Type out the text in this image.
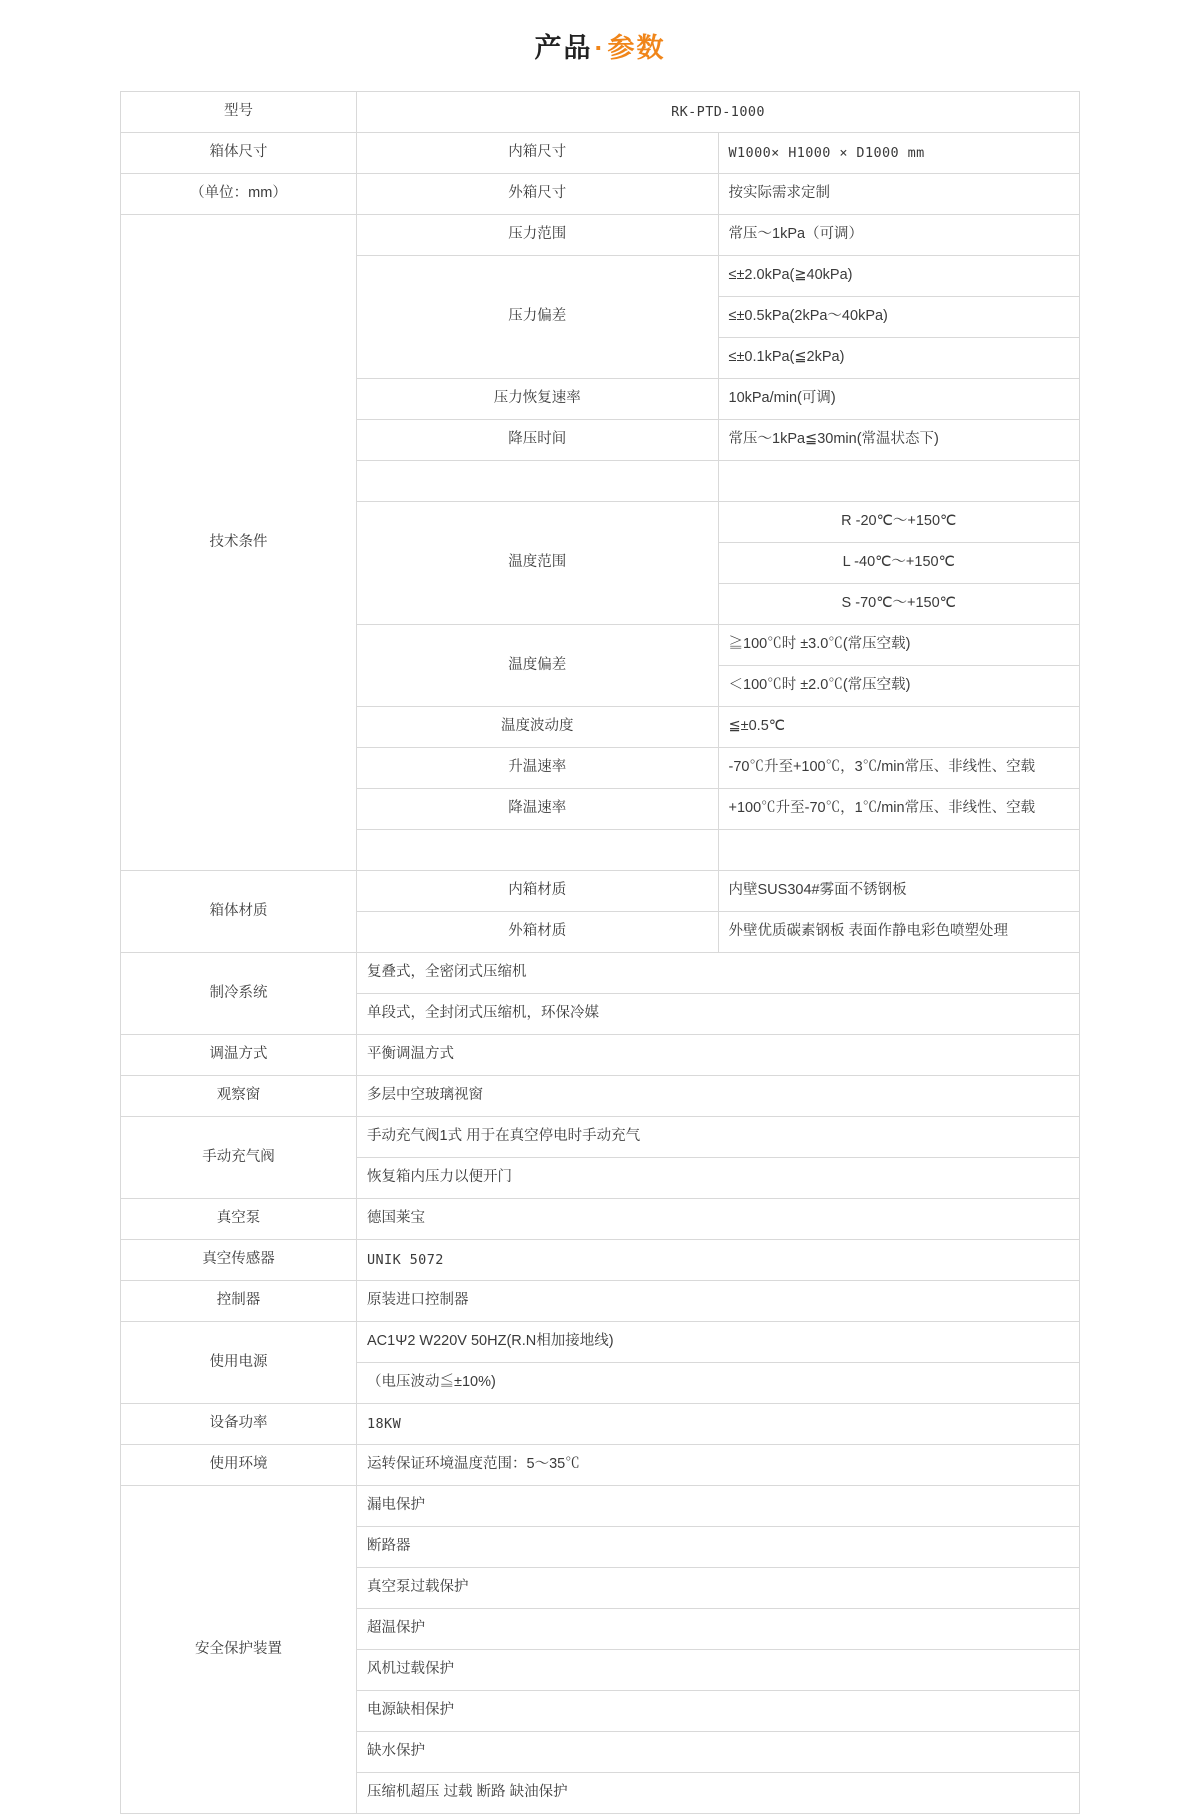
产品·参数
型号	RK-PTD-1000	
箱体尺寸	内箱尺寸	W1000× H1000 × D1000 mm
（单位：mm）	外箱尺寸	按实际需求定制
技术条件	压力范围	常压～1kPa（可调）
	压力偏差	≤±2.0kPa(≧40kPa)
		≤±0.5kPa(2kPa～40kPa)
		≤±0.1kPa(≦2kPa)
	压力恢复速率	10kPa/min(可调)
	降压时间	常压～1kPa≦30min(常温状态下)

	温度范围	R -20℃～+150℃
		L -40℃～+150℃
		S -70℃～+150℃
	温度偏差	≧100℃时 ±3.0℃(常压空载)
		＜100℃时 ±2.0℃(常压空载)
	温度波动度	≦±0.5℃
	升温速率	-70℃升至+100℃，3℃/min常压、非线性、空载
	降温速率	+100℃升至-70℃，1℃/min常压、非线性、空载

箱体材质	内箱材质	内壁SUS304#雾面不锈钢板
	外箱材质	外壁优质碳素钢板 表面作静电彩色喷塑处理
制冷系统	复叠式，全密闭式压缩机	
	单段式，全封闭式压缩机，环保冷媒	
调温方式	平衡调温方式	
观察窗	多层中空玻璃视窗	
手动充气阀	手动充气阀1式 用于在真空停电时手动充气	
	恢复箱内压力以便开门	
真空泵	德国莱宝	
真空传感器	UNIK 5072	
控制器	原装进口控制器	
使用电源	AC1Ψ2 W220V 50HZ(R.N相加接地线)	
	（电压波动≦±10%)	
设备功率	18KW	
使用环境	运转保证环境温度范围：5～35℃	
安全保护装置	漏电保护	
	断路器	
	真空泵过载保护	
	超温保护	
	风机过载保护	
	电源缺相保护	
	缺水保护	
	压缩机超压 过载 断路 缺油保护	
